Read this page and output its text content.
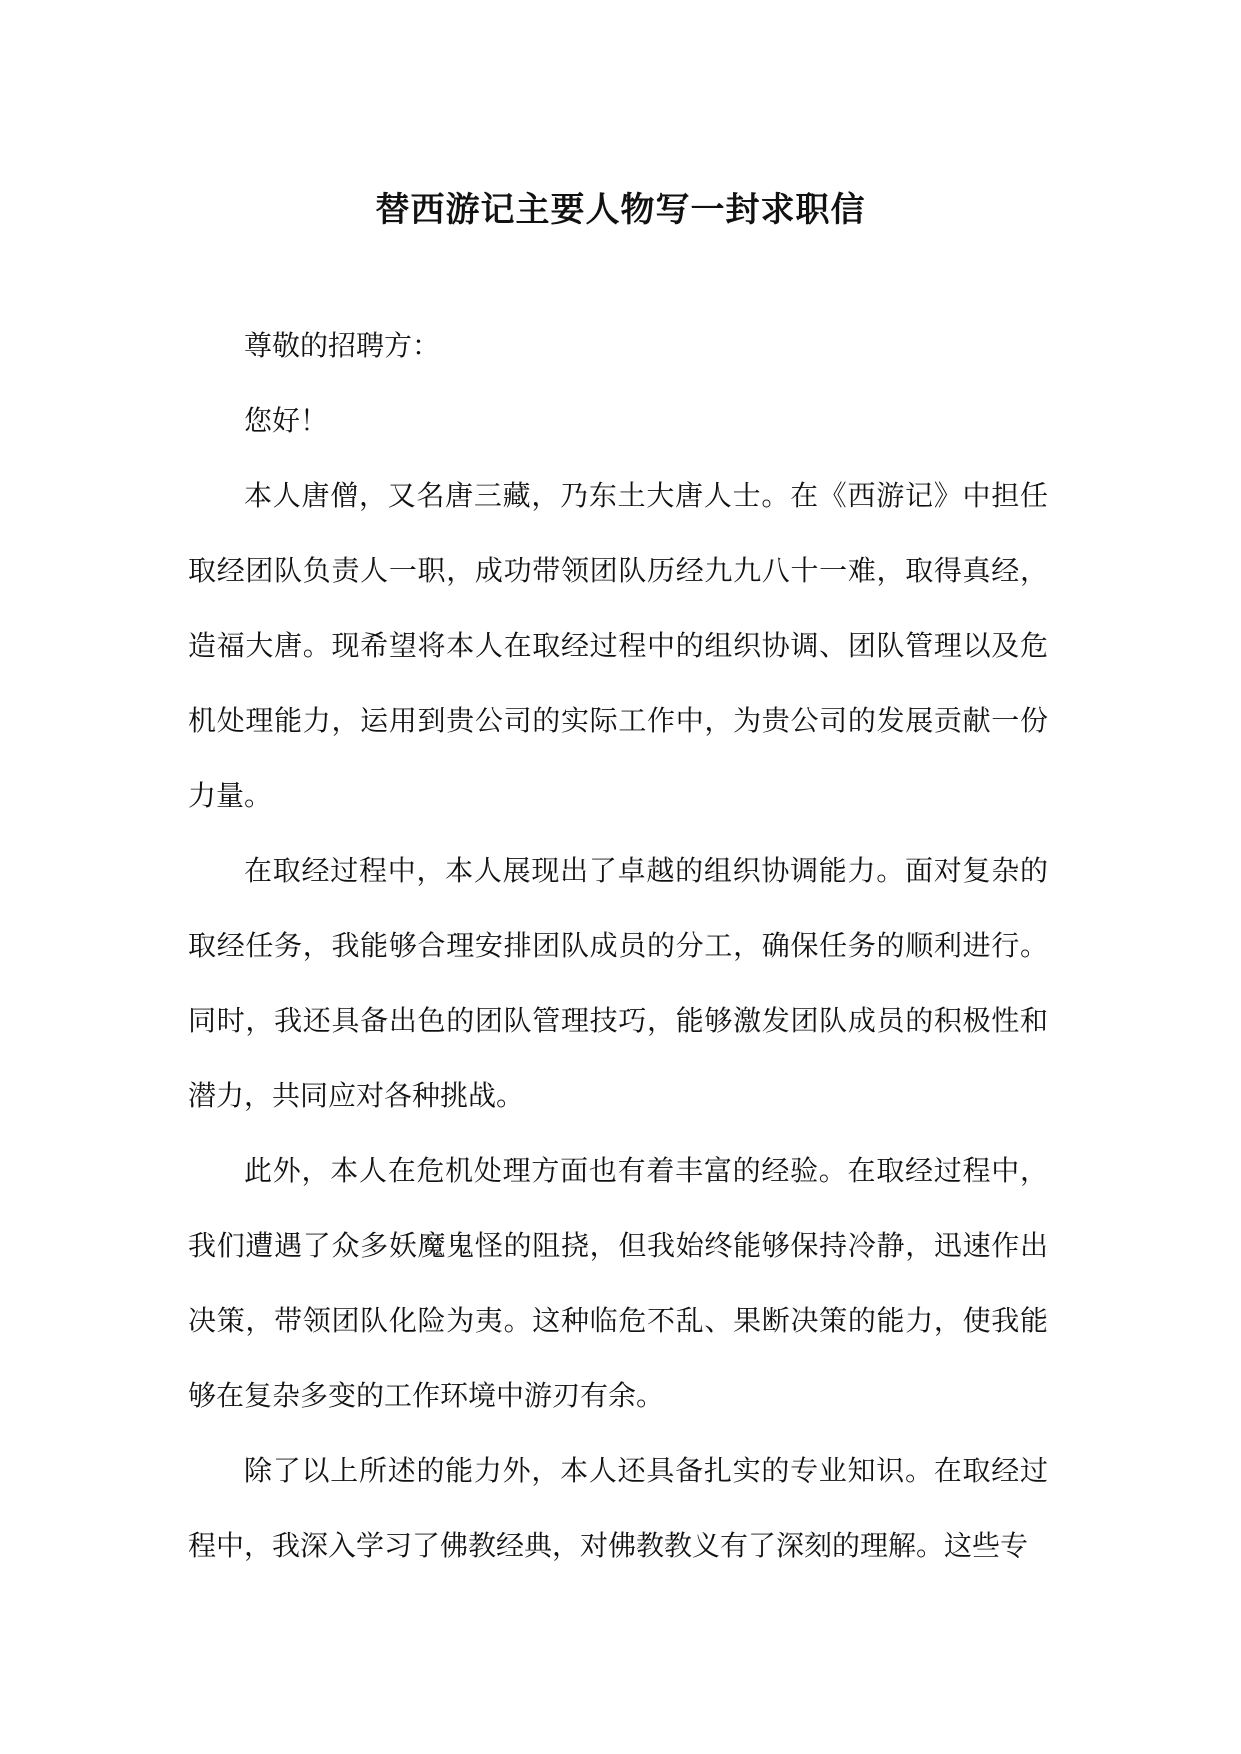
替西游记主要人物写一封求职信

尊敬的招聘方：

您好！

本人唐僧，又名唐三藏，乃东土大唐人士。在《西游记》中担任取经团队负责人一职，成功带领团队历经九九八十一难，取得真经，造福大唐。现希望将本人在取经过程中的组织协调、团队管理以及危机处理能力，运用到贵公司的实际工作中，为贵公司的发展贡献一份力量。

在取经过程中，本人展现出了卓越的组织协调能力。面对复杂的取经任务，我能够合理安排团队成员的分工，确保任务的顺利进行。同时，我还具备出色的团队管理技巧，能够激发团队成员的积极性和潜力，共同应对各种挑战。

此外，本人在危机处理方面也有着丰富的经验。在取经过程中，我们遭遇了众多妖魔鬼怪的阻挠，但我始终能够保持冷静，迅速作出决策，带领团队化险为夷。这种临危不乱、果断决策的能力，使我能够在复杂多变的工作环境中游刃有余。

除了以上所述的能力外，本人还具备扎实的专业知识。在取经过程中，我深入学习了佛教经典，对佛教教义有了深刻的理解。这些专
